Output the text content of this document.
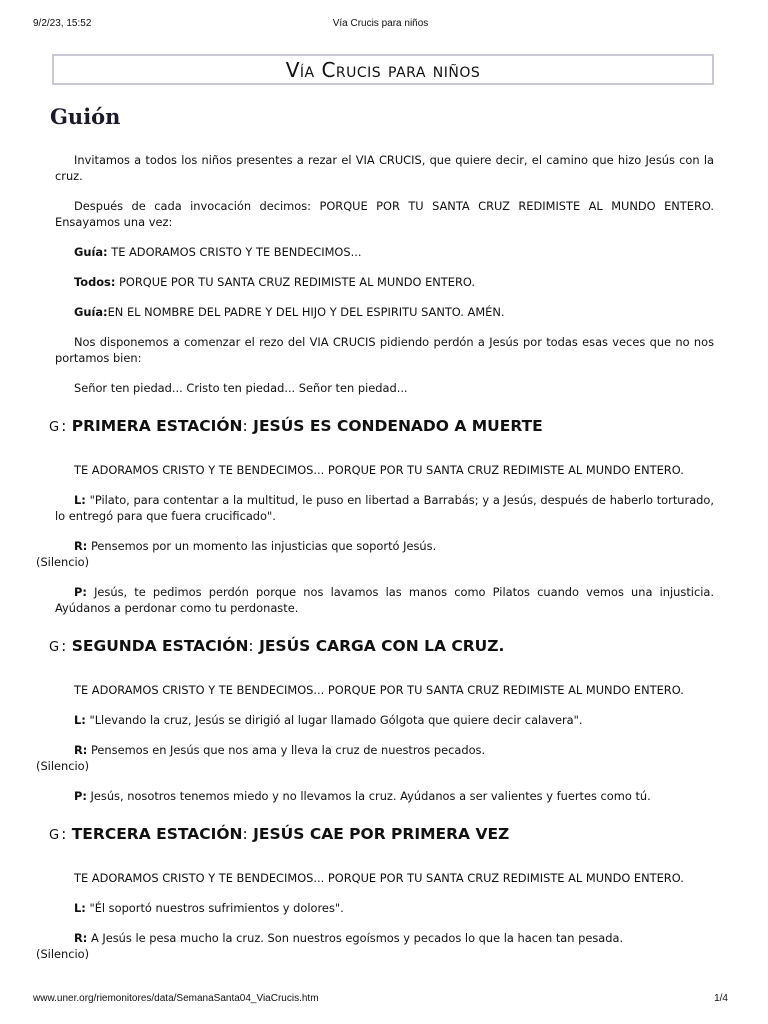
9/2/23, 15:52	Vía Crucis para niños
Vía Crucis para niños
Guión

Invitamos a todos los niños presentes a rezar el VIA CRUCIS, que quiere decir, el camino que hizo Jesús con la cruz.

Después de cada invocación decimos: PORQUE POR TU SANTA CRUZ REDIMISTE AL MUNDO ENTERO. Ensayamos una vez:

Guía: TE ADORAMOS CRISTO Y TE BENDECIMOS...

Todos: PORQUE POR TU SANTA CRUZ REDIMISTE AL MUNDO ENTERO.

Guía:EN EL NOMBRE DEL PADRE Y DEL HIJO Y DEL ESPIRITU SANTO. AMÉN.

Nos disponemos a comenzar el rezo del VIA CRUCIS pidiendo perdón a Jesús por todas esas veces que no nos portamos bien:

Señor ten piedad... Cristo ten piedad... Señor ten piedad...

G : PRIMERA ESTACIÓN: JESÚS ES CONDENADO A MUERTE

TE ADORAMOS CRISTO Y TE BENDECIMOS... PORQUE POR TU SANTA CRUZ REDIMISTE AL MUNDO ENTERO.

L: "Pilato, para contentar a la multitud, le puso en libertad a Barrabás; y a Jesús, después de haberlo torturado, lo entregó para que fuera crucificado".

R: Pensemos por un momento las injusticias que soportó Jesús.
(Silencio)

P: Jesús, te pedimos perdón porque nos lavamos las manos como Pilatos cuando vemos una injusticia. Ayúdanos a perdonar como tu perdonaste.

G : SEGUNDA ESTACIÓN: JESÚS CARGA CON LA CRUZ.

TE ADORAMOS CRISTO Y TE BENDECIMOS... PORQUE POR TU SANTA CRUZ REDIMISTE AL MUNDO ENTERO.

L: "Llevando la cruz, Jesús se dirigió al lugar llamado Gólgota que quiere decir calavera".

R: Pensemos en Jesús que nos ama y lleva la cruz de nuestros pecados.
(Silencio)

P: Jesús, nosotros tenemos miedo y no llevamos la cruz. Ayúdanos a ser valientes y fuertes como tú.

G : TERCERA ESTACIÓN: JESÚS CAE POR PRIMERA VEZ

TE ADORAMOS CRISTO Y TE BENDECIMOS... PORQUE POR TU SANTA CRUZ REDIMISTE AL MUNDO ENTERO.

L: "Él soportó nuestros sufrimientos y dolores".

R: A Jesús le pesa mucho la cruz. Son nuestros egoísmos y pecados lo que la hacen tan pesada.
(Silencio)

www.uner.org/riemonitores/data/SemanaSanta04_ViaCrucis.htm	1/4
